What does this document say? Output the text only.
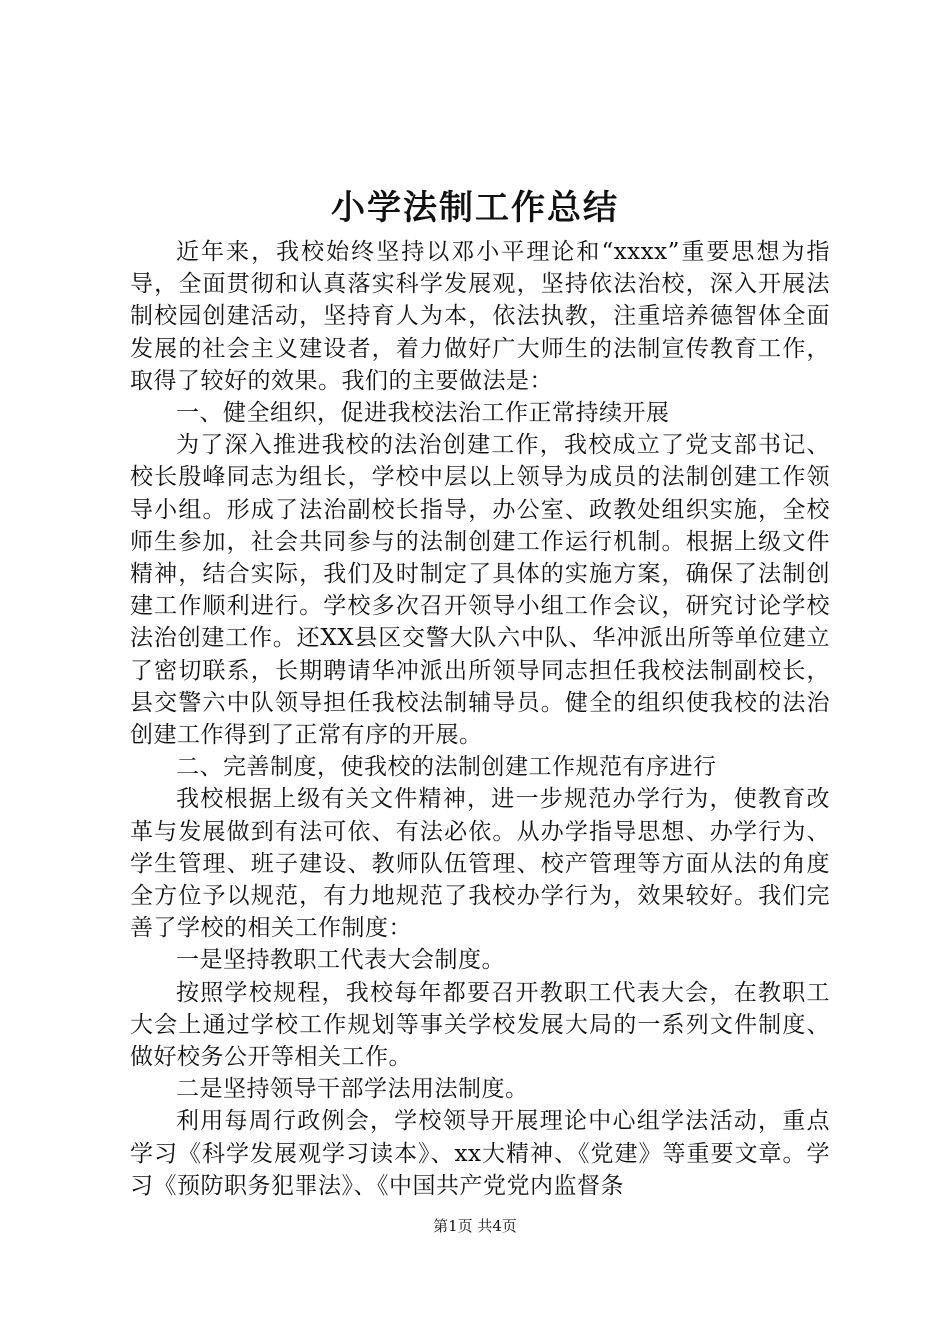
小学法制工作总结

近年来，我校始终坚持以邓小平理论和“xxxx”重要思想为指导，全面贯彻和认真落实科学发展观，坚持依法治校，深入开展法制校园创建活动，坚持育人为本，依法执教，注重培养德智体全面发展的社会主义建设者，着力做好广大师生的法制宣传教育工作，取得了较好的效果。我们的主要做法是：

一、健全组织，促进我校法治工作正常持续开展

为了深入推进我校的法治创建工作，我校成立了党支部书记、校长殷峰同志为组长，学校中层以上领导为成员的法制创建工作领导小组。形成了法治副校长指导，办公室、政教处组织实施，全校师生参加，社会共同参与的法制创建工作运行机制。根据上级文件精神，结合实际，我们及时制定了具体的实施方案，确保了法制创建工作顺利进行。学校多次召开领导小组工作会议，研究讨论学校法治创建工作。还XX县区交警大队六中队、华冲派出所等单位建立了密切联系，长期聘请华冲派出所领导同志担任我校法制副校长，县交警六中队领导担任我校法制辅导员。健全的组织使我校的法治创建工作得到了正常有序的开展。

二、完善制度，使我校的法制创建工作规范有序进行

我校根据上级有关文件精神，进一步规范办学行为，使教育改革与发展做到有法可依、有法必依。从办学指导思想、办学行为、学生管理、班子建设、教师队伍管理、校产管理等方面从法的角度全方位予以规范，有力地规范了我校办学行为，效果较好。我们完善了学校的相关工作制度：

一是坚持教职工代表大会制度。

按照学校规程，我校每年都要召开教职工代表大会，在教职工大会上通过学校工作规划等事关学校发展大局的一系列文件制度、做好校务公开等相关工作。

二是坚持领导干部学法用法制度。

利用每周行政例会，学校领导开展理论中心组学法活动，重点学习《科学发展观学习读本》、xx大精神、《党建》等重要文章。学习《预防职务犯罪法》、《中国共产党党内监督条

第1页 共4页
